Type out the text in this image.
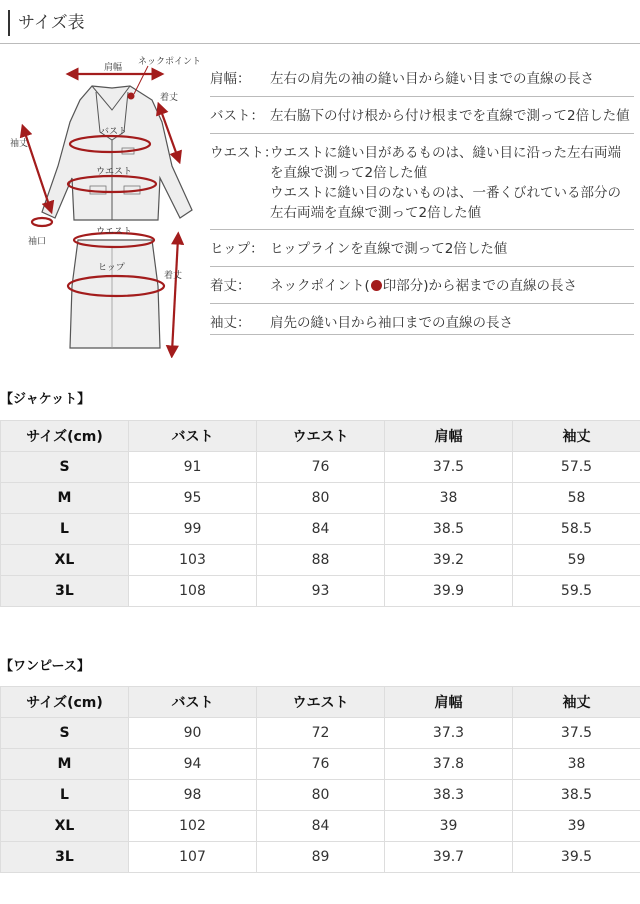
サイズ表
肩幅
ネックポイント
着丈
袖丈
バスト
ウエスト
袖口
ウエスト
ヒップ
着丈
肩幅： 左右の肩先の袖の縫い目から縫い目までの直線の長さ
バスト： 左右脇下の付け根から付け根までを直線で測って2倍した値
ウエスト：
ウエストに縫い目があるものは、縫い目に沿った左右両端
を直線で測って2倍した値
ウエストに縫い目のないものは、一番くびれている部分の
左右両端を直線で測って2倍した値
ヒップ： ヒップラインを直線で測って2倍した値
着丈： ネックポイント( 印部分)から裾までの直線の長さ
袖丈： 肩先の縫い目から袖口までの直線の長さ
【ジャケット】
サイズ(cm)	バスト	ウエスト	肩幅	袖丈
S	91	76	37.5	57.5
M	95	80	38	58
L	99	84	38.5	58.5
XL	103	88	39.2	59
3L	108	93	39.9	59.5
【ワンピース】
サイズ(cm)	バスト	ウエスト	肩幅	袖丈
S	90	72	37.3	37.5
M	94	76	37.8	38
L	98	80	38.3	38.5
XL	102	84	39	39
3L	107	89	39.7	39.5
